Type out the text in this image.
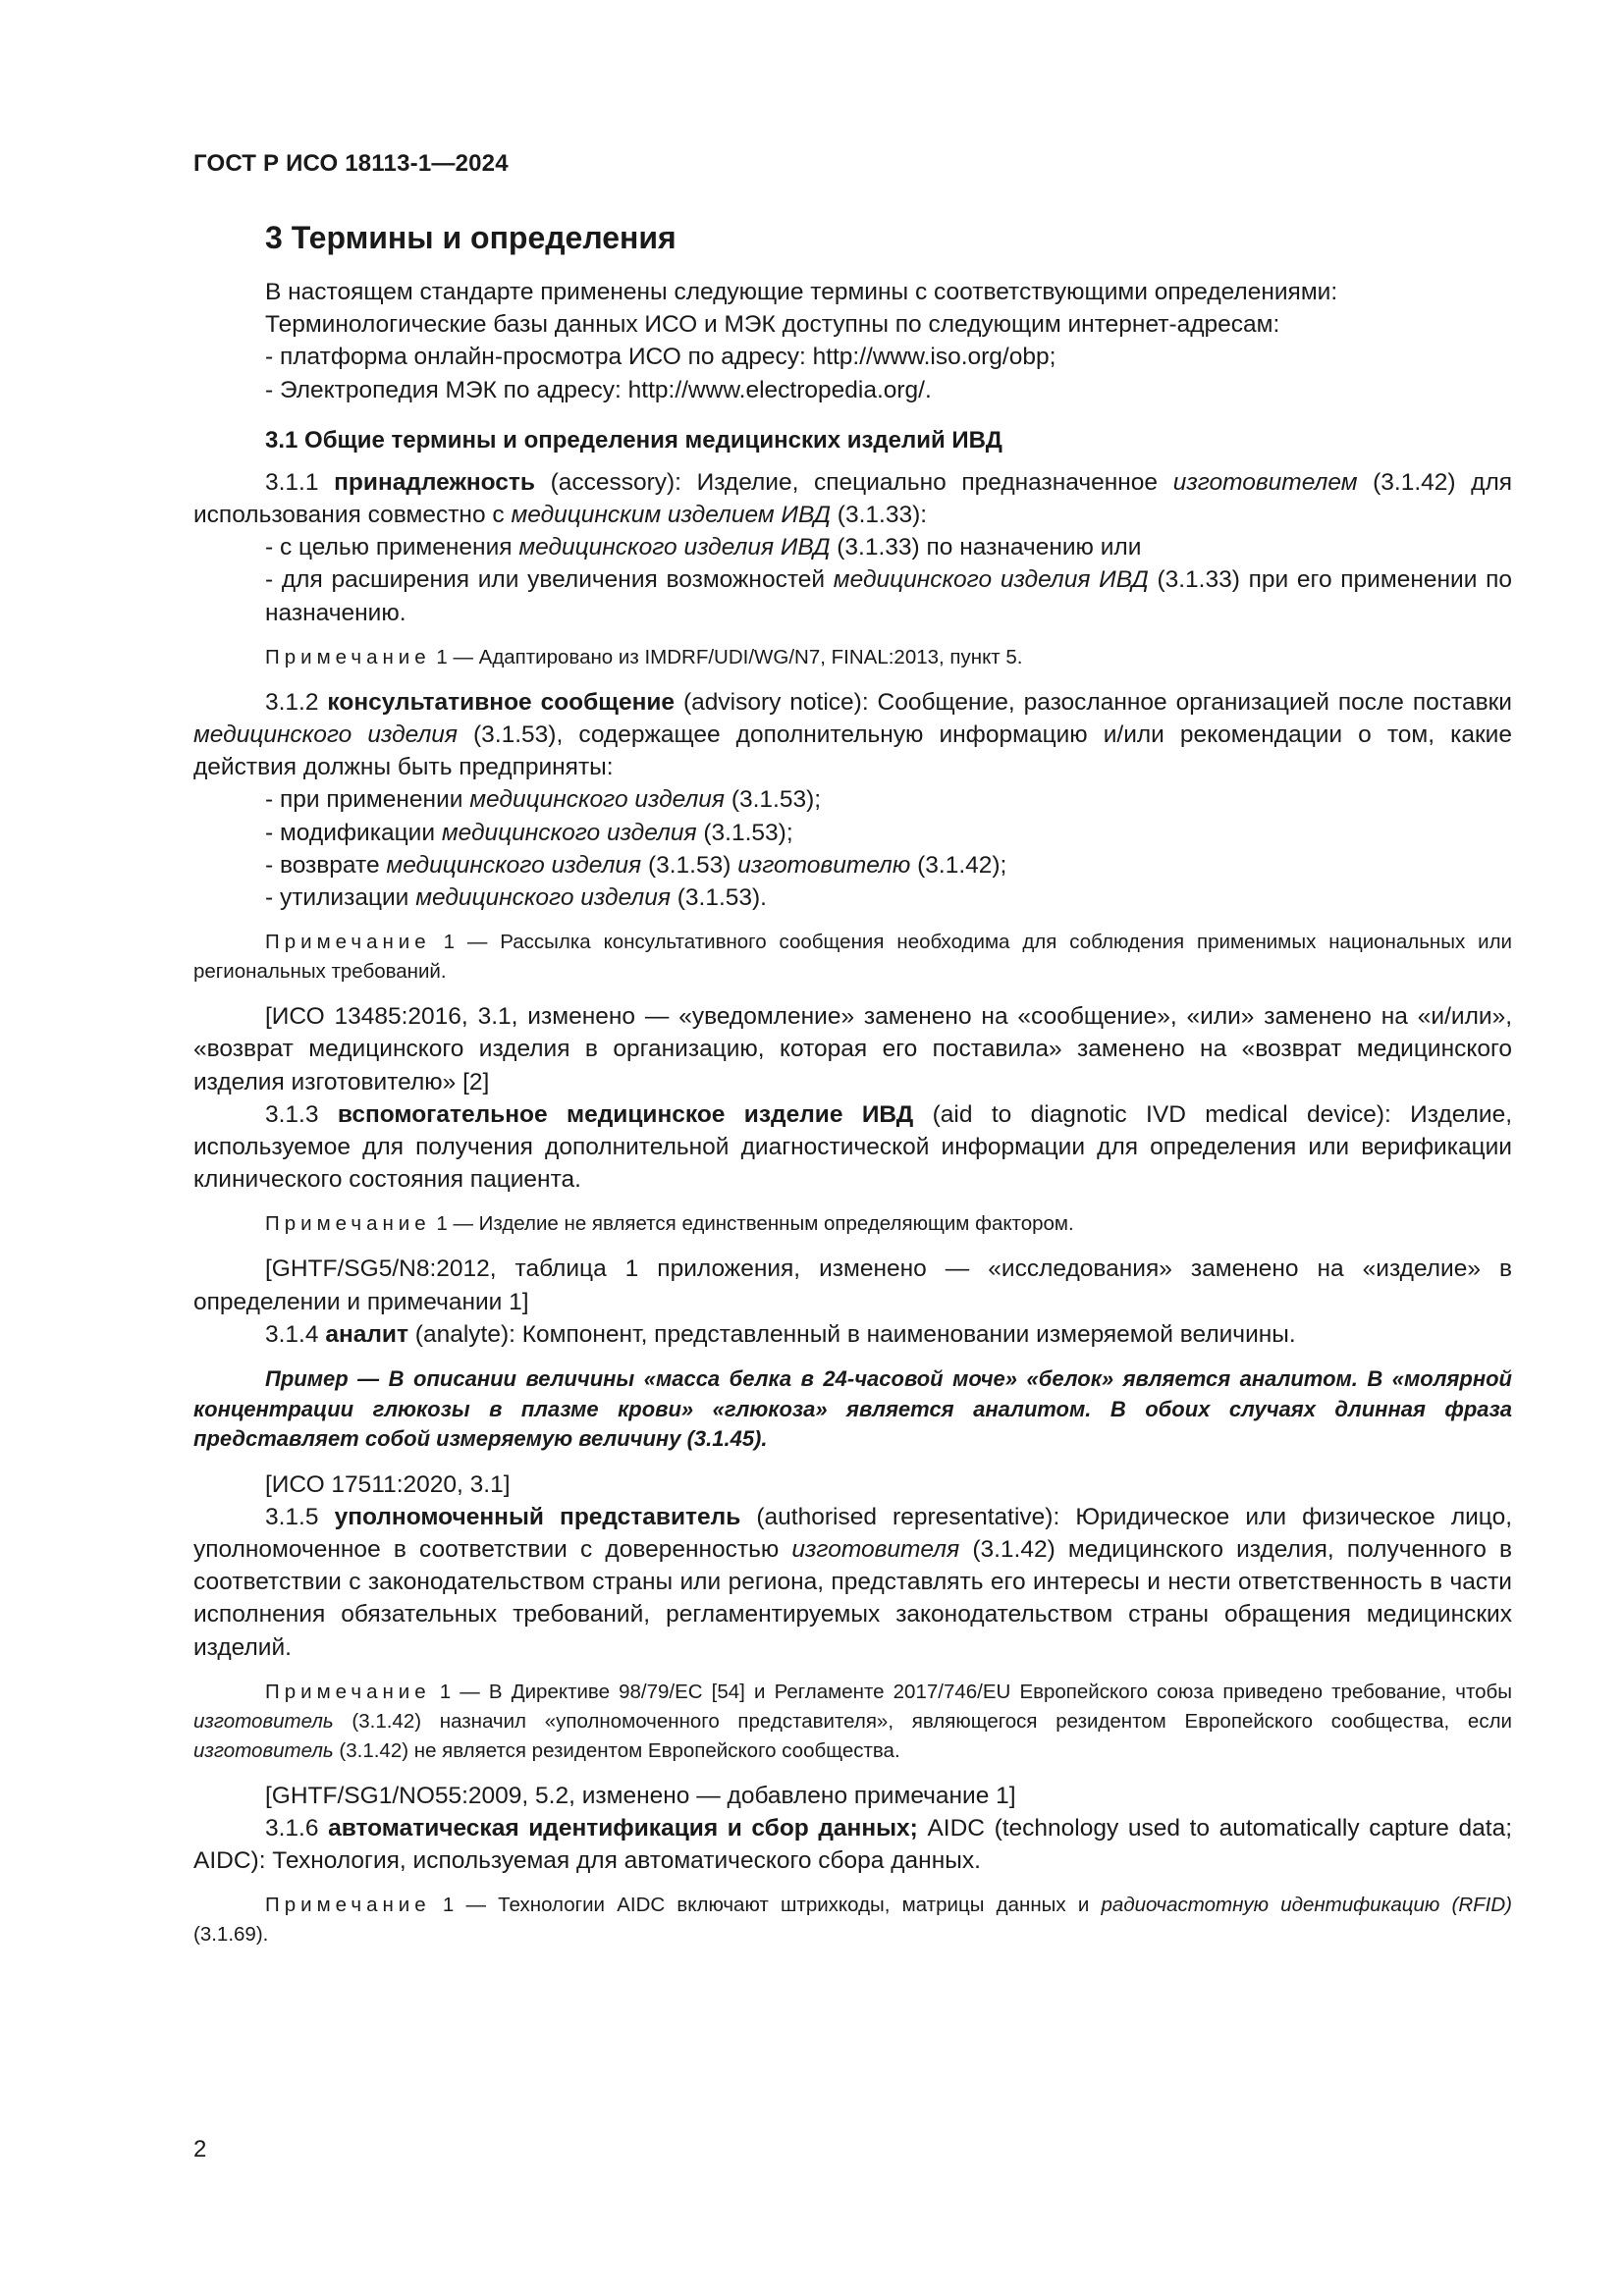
ГОСТ Р ИСО 18113-1—2024
3 Термины и определения

В настоящем стандарте применены следующие термины с соответствующими определениями:

Терминологические базы данных ИСО и МЭК доступны по следующим интернет-адресам:

- платформа онлайн-просмотра ИСО по адресу: http://www.iso.org/obp;

- Электропедия МЭК по адресу: http://www.electropedia.org/.

3.1 Общие термины и определения медицинских изделий ИВД

3.1.1 принадлежность (accessory): Изделие, специально предназначенное изготовителем (3.1.42) для использования совместно с медицинским изделием ИВД (3.1.33):

- с целью применения медицинского изделия ИВД (3.1.33) по назначению или

- для расширения или увеличения возможностей медицинского изделия ИВД (3.1.33) при его применении по назначению.

Примечание 1 — Адаптировано из IMDRF/UDI/WG/N7, FINAL:2013, пункт 5.

3.1.2 консультативное сообщение (advisory notice): Сообщение, разосланное организацией после поставки медицинского изделия (3.1.53), содержащее дополнительную информацию и/или рекомендации о том, какие действия должны быть предприняты:

- при применении медицинского изделия (3.1.53);

- модификации медицинского изделия (3.1.53);

- возврате медицинского изделия (3.1.53) изготовителю (3.1.42);

- утилизации медицинского изделия (3.1.53).

Примечание 1 — Рассылка консультативного сообщения необходима для соблюдения применимых национальных или региональных требований.

[ИСО 13485:2016, 3.1, изменено — «уведомление» заменено на «сообщение», «или» заменено на «и/или», «возврат медицинского изделия в организацию, которая его поставила» заменено на «возврат медицинского изделия изготовителю» [2]

3.1.3 вспомогательное медицинское изделие ИВД (aid to diagnotic IVD medical device): Изделие, используемое для получения дополнительной диагностической информации для определения или верификации клинического состояния пациента.

Примечание 1 — Изделие не является единственным определяющим фактором.

[GHTF/SG5/N8:2012, таблица 1 приложения, изменено — «исследования» заменено на «изделие» в определении и примечании 1]

3.1.4 аналит (analyte): Компонент, представленный в наименовании измеряемой величины.

Пример — В описании величины «масса белка в 24-часовой моче» «белок» является аналитом. В «молярной концентрации глюкозы в плазме крови» «глюкоза» является аналитом. В обоих случаях длинная фраза представляет собой измеряемую величину (3.1.45).

[ИСО 17511:2020, 3.1]

3.1.5 уполномоченный представитель (authorised representative): Юридическое или физическое лицо, уполномоченное в соответствии с доверенностью изготовителя (3.1.42) медицинского изделия, полученного в соответствии с законодательством страны или региона, представлять его интересы и нести ответственность в части исполнения обязательных требований, регламентируемых законодательством страны обращения медицинских изделий.

Примечание 1 — В Директиве 98/79/EC [54] и Регламенте 2017/746/EU Европейского союза приведено требование, чтобы изготовитель (3.1.42) назначил «уполномоченного представителя», являющегося резидентом Европейского сообщества, если изготовитель (3.1.42) не является резидентом Европейского сообщества.

[GHTF/SG1/NO55:2009, 5.2, изменено — добавлено примечание 1]

3.1.6 автоматическая идентификация и сбор данных; AIDC (technology used to automatically capture data; AIDC): Технология, используемая для автоматического сбора данных.

Примечание 1 — Технологии AIDC включают штрихкоды, матрицы данных и радиочастотную идентификацию (RFID) (3.1.69).

2
